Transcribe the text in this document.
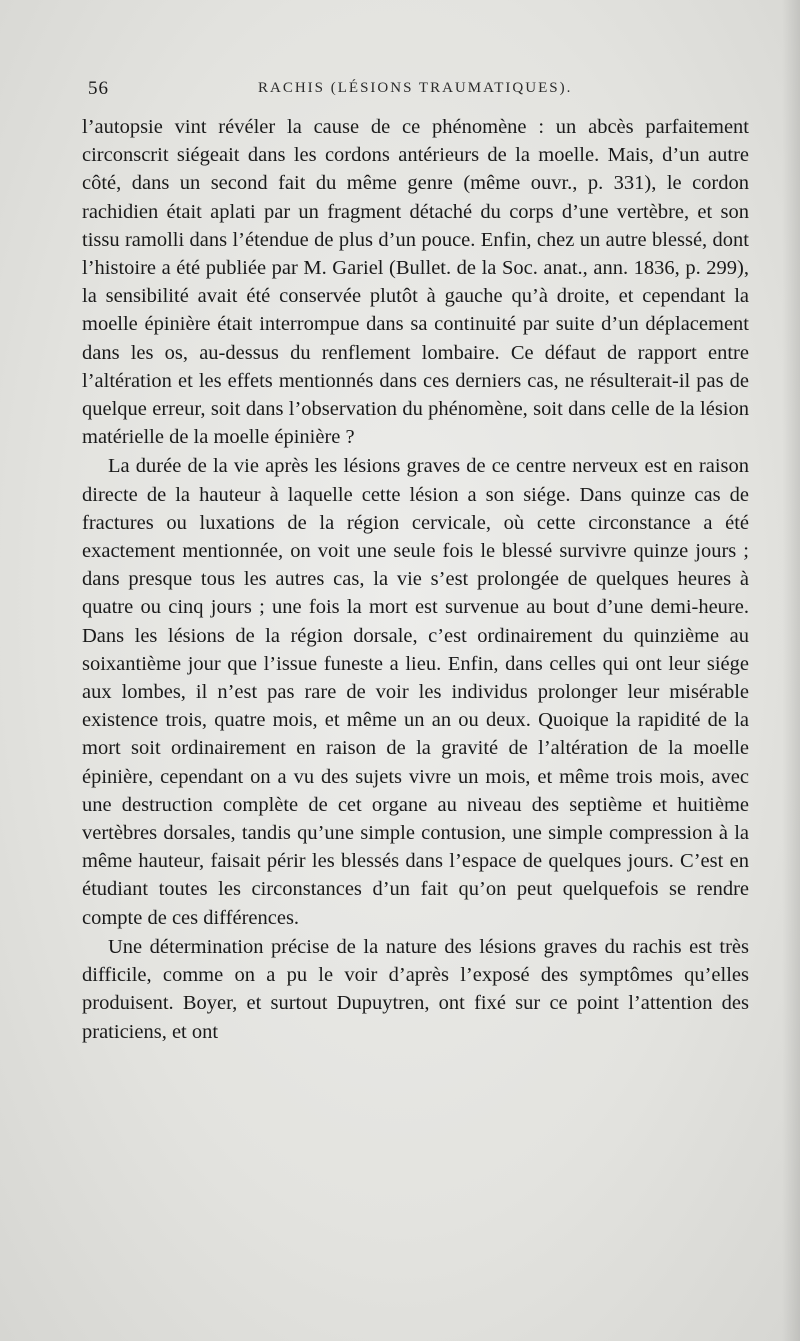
56	RACHIS (LÉSIONS TRAUMATIQUES).

l’autopsie vint révéler la cause de ce phénomène : un abcès parfaitement circonscrit siégeait dans les cordons antérieurs de la moelle. Mais, d’un autre côté, dans un second fait du même genre (même ouvr., p. 331), le cordon rachidien était aplati par un fragment détaché du corps d’une vertèbre, et son tissu ramolli dans l’étendue de plus d’un pouce. Enfin, chez un autre blessé, dont l’histoire a été publiée par M. Gariel (Bullet. de la Soc. anat., ann. 1836, p. 299), la sensibilité avait été conservée plutôt à gauche qu’à droite, et cependant la moelle épinière était interrompue dans sa continuité par suite d’un déplacement dans les os, au-dessus du renflement lombaire. Ce défaut de rapport entre l’altération et les effets mentionnés dans ces derniers cas, ne résulterait-il pas de quelque erreur, soit dans l’observation du phénomène, soit dans celle de la lésion matérielle de la moelle épinière ?

La durée de la vie après les lésions graves de ce centre nerveux est en raison directe de la hauteur à laquelle cette lésion a son siége. Dans quinze cas de fractures ou luxations de la région cervicale, où cette circonstance a été exactement mentionnée, on voit une seule fois le blessé survivre quinze jours ; dans presque tous les autres cas, la vie s’est prolongée de quelques heures à quatre ou cinq jours ; une fois la mort est survenue au bout d’une demi-heure. Dans les lésions de la région dorsale, c’est ordinairement du quinzième au soixantième jour que l’issue funeste a lieu. Enfin, dans celles qui ont leur siége aux lombes, il n’est pas rare de voir les individus prolonger leur misérable existence trois, quatre mois, et même un an ou deux. Quoique la rapidité de la mort soit ordinairement en raison de la gravité de l’altération de la moelle épinière, cependant on a vu des sujets vivre un mois, et même trois mois, avec une destruction complète de cet organe au niveau des septième et huitième vertèbres dorsales, tandis qu’une simple contusion, une simple compression à la même hauteur, faisait périr les blessés dans l’espace de quelques jours. C’est en étudiant toutes les circonstances d’un fait qu’on peut quelquefois se rendre compte de ces différences.

Une détermination précise de la nature des lésions graves du rachis est très difficile, comme on a pu le voir d’après l’exposé des symptômes qu’elles produisent. Boyer, et surtout Dupuytren, ont fixé sur ce point l’attention des praticiens, et ont
